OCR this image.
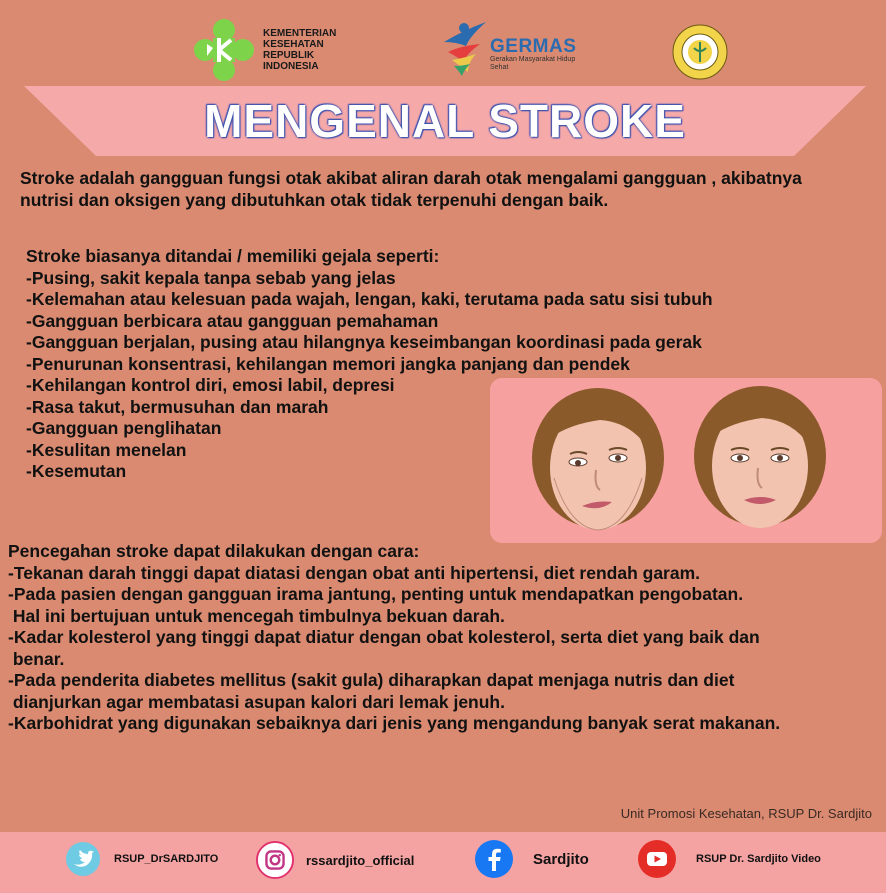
KEMENTERIAN
KESEHATAN
REPUBLIK
INDONESIA
GERMAS
Gerakan Masyarakat Hidup Sehat
MENGENAL STROKE
Stroke adalah gangguan fungsi otak akibat aliran darah otak mengalami gangguan , akibatnya
nutrisi dan oksigen yang dibutuhkan otak tidak terpenuhi dengan baik.
Stroke biasanya ditandai / memiliki gejala seperti:
-Pusing, sakit kepala tanpa sebab yang jelas
-Kelemahan atau kelesuan pada wajah, lengan, kaki, terutama pada satu sisi tubuh
-Gangguan berbicara atau gangguan pemahaman
-Gangguan berjalan, pusing atau hilangnya keseimbangan koordinasi pada gerak
-Penurunan konsentrasi, kehilangan memori jangka panjang dan pendek
-Kehilangan kontrol diri, emosi labil, depresi
-Rasa takut, bermusuhan dan marah
-Gangguan penglihatan
-Kesulitan menelan
-Kesemutan
Pencegahan stroke dapat dilakukan dengan cara:
-Tekanan darah tinggi dapat diatasi dengan obat anti hipertensi, diet rendah garam.
-Pada pasien dengan gangguan irama jantung, penting untuk mendapatkan pengobatan.
Hal ini bertujuan untuk mencegah timbulnya bekuan darah.
-Kadar kolesterol yang tinggi dapat diatur dengan obat kolesterol, serta diet yang baik dan
benar.
-Pada penderita diabetes mellitus (sakit gula) diharapkan dapat menjaga nutris dan diet
dianjurkan agar membatasi asupan kalori dari lemak jenuh.
-Karbohidrat yang digunakan sebaiknya dari jenis yang mengandung banyak serat makanan.
Unit Promosi Kesehatan, RSUP Dr. Sardjito
RSUP_DrSARDJITO	rssardjito_official	Sardjito	RSUP Dr. Sardjito Video
